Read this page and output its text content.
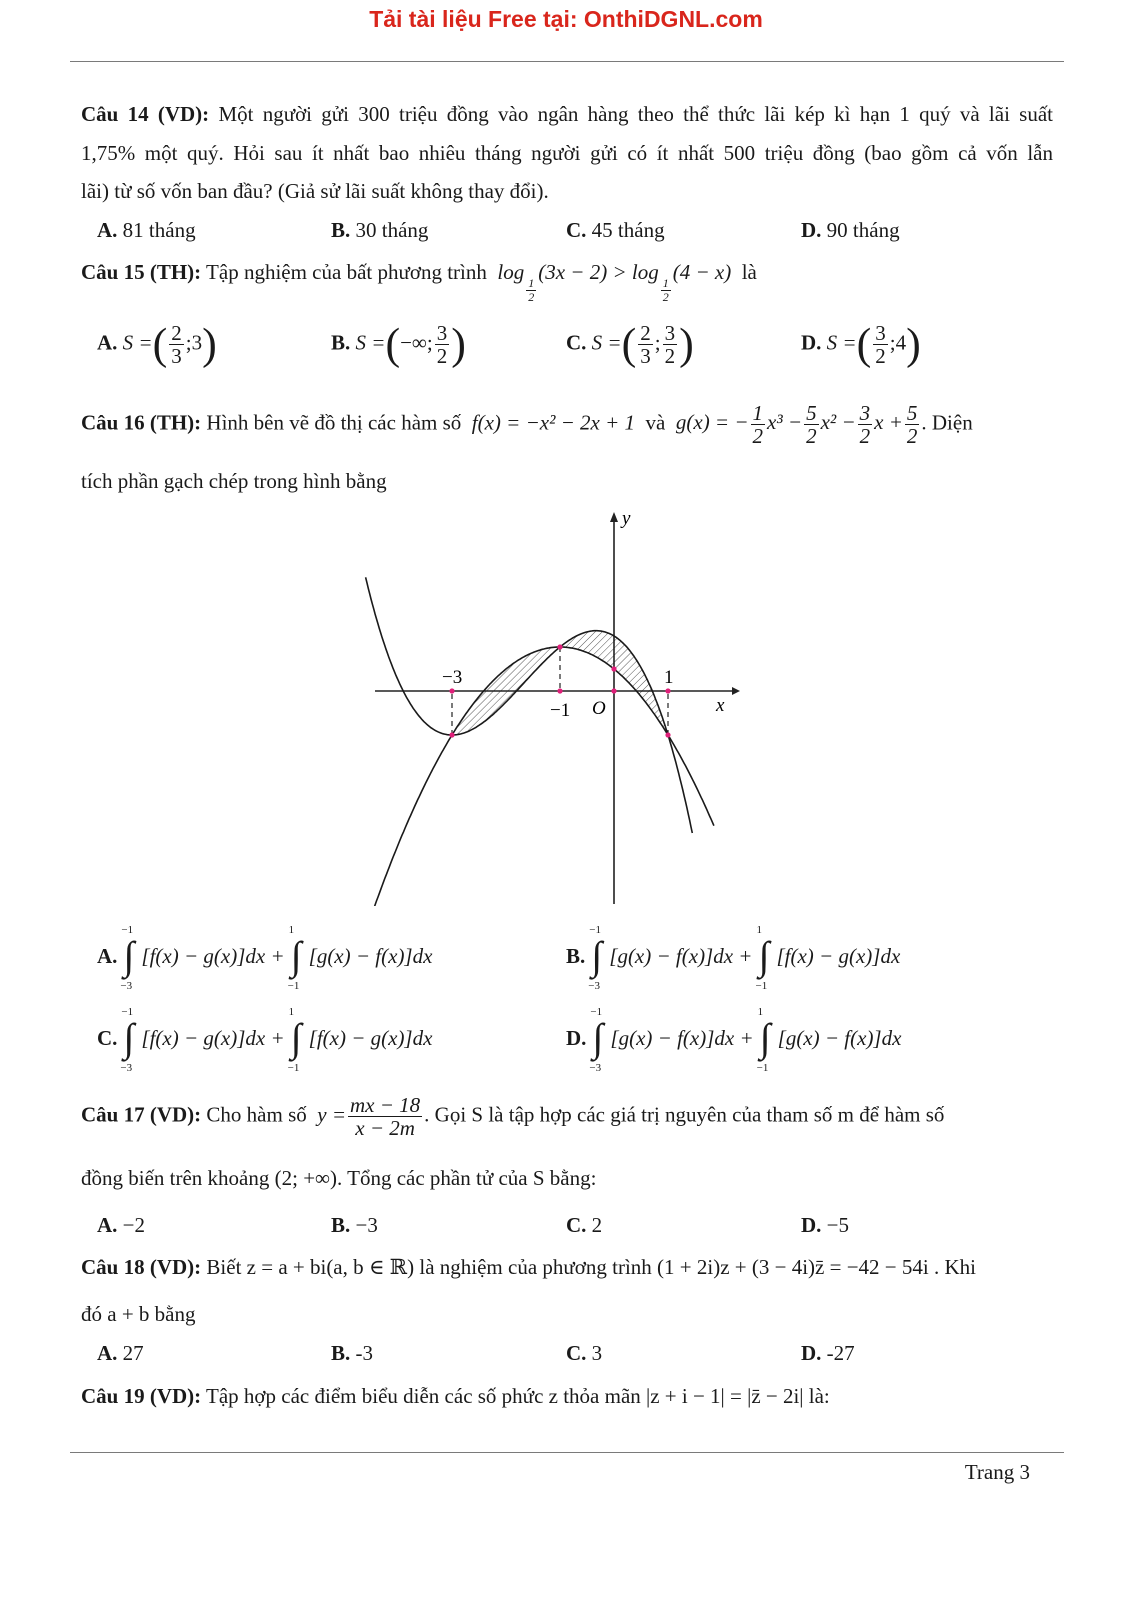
Tải tài liệu Free tại: OnthiDGNL.com
Câu 14 (VD): Một người gửi 300 triệu đồng vào ngân hàng theo thể thức lãi kép kì hạn 1 quý và lãi suất
1,75% một quý. Hỏi sau ít nhất bao nhiêu tháng người gửi có ít nhất 500 triệu đồng (bao gồm cả vốn lẫn
lãi) từ số vốn ban đầu? (Giả sử lãi suất không thay đổi).
A. 81 tháng	B. 30 tháng	C. 45 tháng	D. 90 tháng
Câu 15 (TH): Tập nghiệm của bất phương trình log
$\frac{1}{2}$
(3x − 2) > log
$\frac{1}{2}$
(4 − x) là
A. S =( $\frac{2}{3}$ ;3)	B. S =(−∞; $\frac{3}{2}$ )	C. S =( $\frac{2}{3}$ ; $\frac{3}{2}$ )	D. S =( $\frac{3}{2}$ ;4)
Câu 16 (TH): Hình bên vẽ đồ thị các hàm số f(x) = −x² − 2x + 1 và g(x) = − $\frac{1}{2} x^3 - \frac{5}{2} x^2 - \frac{3}{2}$ $x + \frac{5}{2}$ . Diện
tích phần gạch chép trong hình bằng
y
x
O
−3
−1
1
A.
−1
∫
−3
[f(x) − g(x)]dx +
1
∫
−1
[g(x) − f(x)]dx	B.
−1
∫
−3
[g(x) − f(x)]dx +
1
∫
−1
[f(x) − g(x)]dx
C.
−1
∫
−3
[f(x) − g(x)]dx +
1
∫
−1
[f(x) − g(x)]dx	D.
−1
∫
−3
[g(x) − f(x)]dx +
1
∫
−1
[g(x) − f(x)]dx
Câu 17 (VD): Cho hàm số $y = \frac{mx - 18}{x - 2m}$ . Gọi S là tập hợp các giá trị nguyên của tham số m để hàm số
đồng biến trên khoảng (2; +∞). Tổng các phần tử của S bằng:
A. −2	B. −3	C. 2	D. −5
Câu 18 (VD): Biết z = a + bi(a, b ∈ ℝ) là nghiệm của phương trình (1 + 2i)z + (3 − 4i)z̄ = −42 − 54i . Khi
đó a + b bằng
A. 27	B. -3	C. 3	D. -27
Câu 19 (VD): Tập hợp các điểm biểu diễn các số phức z thỏa mãn |z + i − 1| = |z̄ − 2i| là:
Trang 3
